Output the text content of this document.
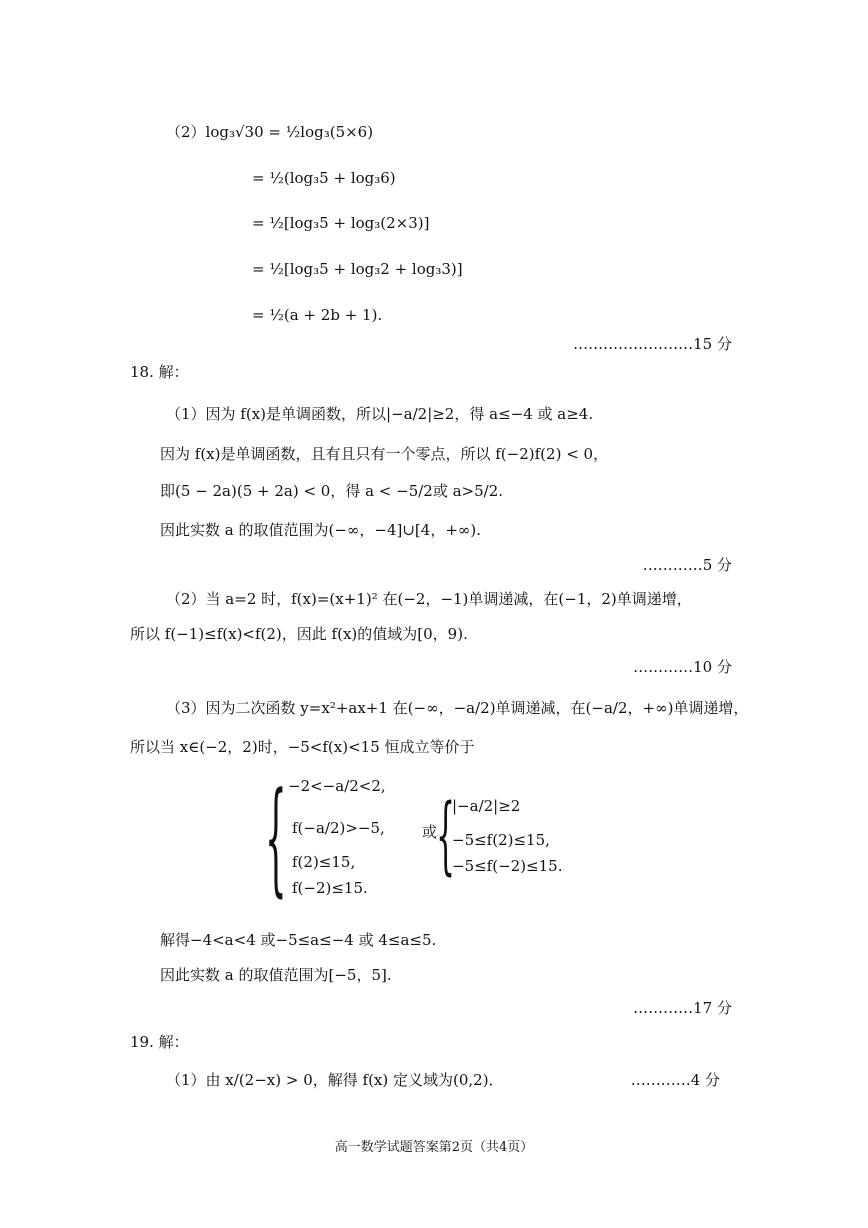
（2）log₃√30 = ½log₃(5×6)
= ½(log₃5 + log₃6)
= ½[log₃5 + log₃(2×3)]
= ½[log₃5 + log₃2 + log₃3)]
= ½(a + 2b + 1).
……………………15 分
18. 解：
（1）因为 f(x)是单调函数，所以|−a/2|≥2，得 a≤−4 或 a≥4.
因为 f(x)是单调函数，且有且只有一个零点，所以 f(−2)f(2) < 0，
即(5 − 2a)(5 + 2a) < 0，得 a < −5/2或 a>5/2.
因此实数 a 的取值范围为(−∞，−4]∪[4，+∞).
…………5 分
（2）当 a=2 时，f(x)=(x+1)² 在(−2，−1)单调递减，在(−1，2)单调递增，
所以 f(−1)≤f(x)<f(2)，因此 f(x)的值域为[0，9).
…………10 分
（3）因为二次函数 y=x²+ax+1 在(−∞，−a/2)单调递减，在(−a/2，+∞)单调递增，
所以当 x∈(−2，2)时，−5<f(x)<15 恒成立等价于
{ −2<−a/2<2,
f(−a/2)>−5,
f(2)≤15,
f(−2)≤15.
或
{
|−a/2|≥2
−5≤f(2)≤15,
−5≤f(−2)≤15.
解得−4<a<4 或−5≤a≤−4 或 4≤a≤5.
因此实数 a 的取值范围为[−5，5].
…………17 分
19. 解：
（1）由 x/(2−x) > 0，解得 f(x) 定义域为(0,2)．	…………4 分
高一数学试题答案第2页（共4页）
